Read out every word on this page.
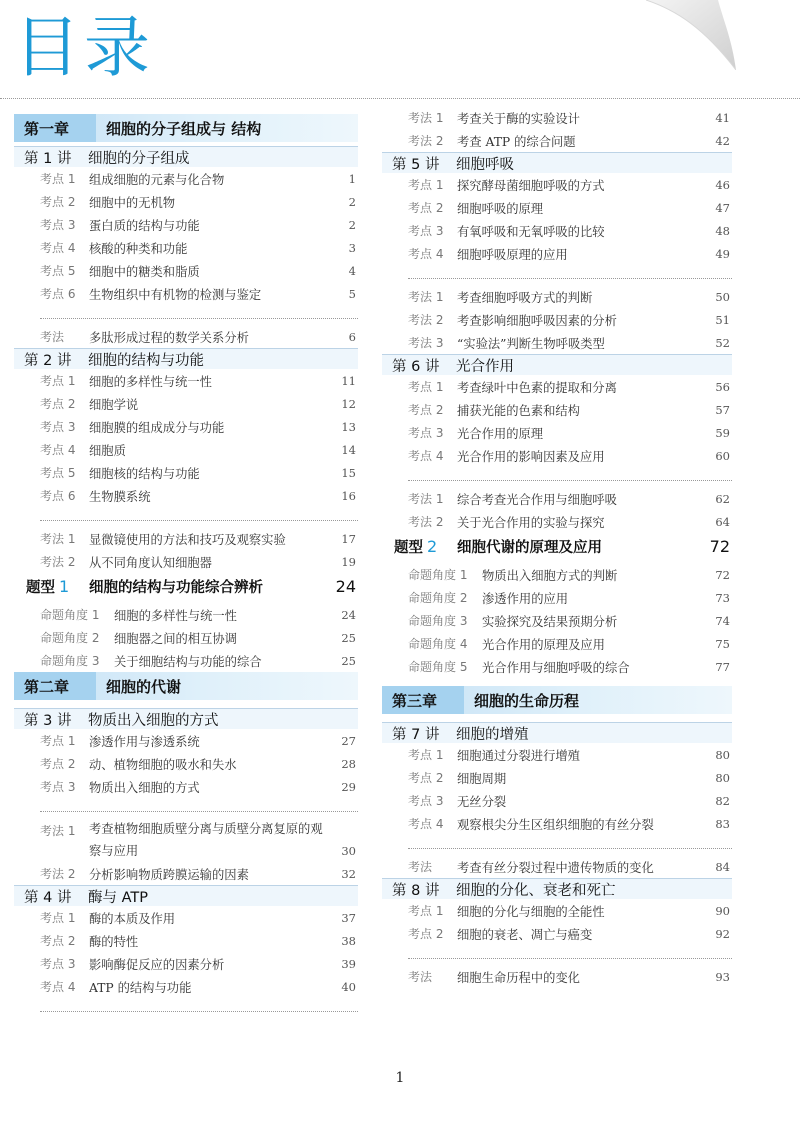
目录
第一章	细胞的分子组成与 结构
第 1 讲	细胞的分子组成
考点 1	组成细胞的元素与化合物	1
考点 2	细胞中的无机物	2
考点 3	蛋白质的结构与功能	2
考点 4	核酸的种类和功能	3
考点 5	细胞中的糖类和脂质	4
考点 6	生物组织中有机物的检测与鉴定	5
考法	多肽形成过程的数学关系分析	6
第 2 讲	细胞的结构与功能
考点 1	细胞的多样性与统一性	11
考点 2	细胞学说	12
考点 3	细胞膜的组成成分与功能	13
考点 4	细胞质	14
考点 5	细胞核的结构与功能	15
考点 6	生物膜系统	16
考法 1	显微镜使用的方法和技巧及观察实验	17
考法 2	从不同角度认知细胞器	19
题型 1	细胞的结构与功能综合辨析	24
命题角度 1	细胞的多样性与统一性	24
命题角度 2	细胞器之间的相互协调	25
命题角度 3	关于细胞结构与功能的综合	25
第二章	细胞的代谢
第 3 讲	物质出入细胞的方式
考点 1	渗透作用与渗透系统	27
考点 2	动、植物细胞的吸水和失水	28
考点 3	物质出入细胞的方式	29
考法 1	考查植物细胞质壁分离与质壁分离复原的观察与应用	30
考法 2	分析影响物质跨膜运输的因素	32
第 4 讲	酶与 ATP
考点 1	酶的本质及作用	37
考点 2	酶的特性	38
考点 3	影响酶促反应的因素分析	39
考点 4	ATP 的结构与功能	40
考法 1	考查关于酶的实验设计	41
考法 2	考查 ATP 的综合问题	42
第 5 讲	细胞呼吸
考点 1	探究酵母菌细胞呼吸的方式	46
考点 2	细胞呼吸的原理	47
考点 3	有氧呼吸和无氧呼吸的比较	48
考点 4	细胞呼吸原理的应用	49
考法 1	考查细胞呼吸方式的判断	50
考法 2	考查影响细胞呼吸因素的分析	51
考法 3	“实验法”判断生物呼吸类型	52
第 6 讲	光合作用
考点 1	考查绿叶中色素的提取和分离	56
考点 2	捕获光能的色素和结构	57
考点 3	光合作用的原理	59
考点 4	光合作用的影响因素及应用	60
考法 1	综合考查光合作用与细胞呼吸	62
考法 2	关于光合作用的实验与探究	64
题型 2	细胞代谢的原理及应用	72
命题角度 1	物质出入细胞方式的判断	72
命题角度 2	渗透作用的应用	73
命题角度 3	实验探究及结果预期分析	74
命题角度 4	光合作用的原理及应用	75
命题角度 5	光合作用与细胞呼吸的综合	77
第三章	细胞的生命历程
第 7 讲	细胞的增殖
考点 1	细胞通过分裂进行增殖	80
考点 2	细胞周期	80
考点 3	无丝分裂	82
考点 4	观察根尖分生区组织细胞的有丝分裂	83
考法	考查有丝分裂过程中遗传物质的变化	84
第 8 讲	细胞的分化、衰老和死亡
考点 1	细胞的分化与细胞的全能性	90
考点 2	细胞的衰老、凋亡与癌变	92
考法	细胞生命历程中的变化	93
1
